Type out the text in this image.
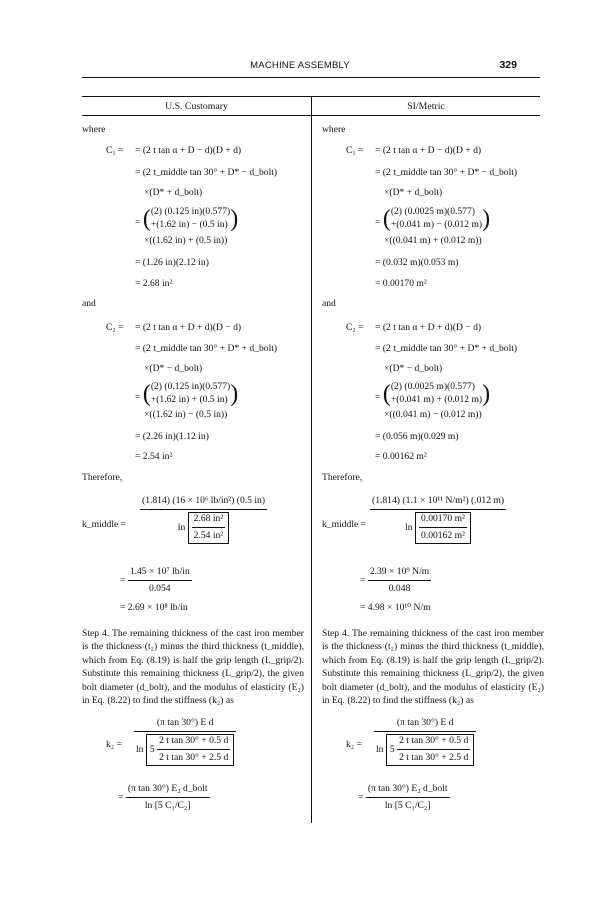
MACHINE ASSEMBLY	329
U.S. Customary	SI/Metric
where
C₁ = = (2 t tan α + D − d)(D + d)
= (2 t_middle tan 30° + D* − d_bolt)
×(D* + d_bolt)
= ( (2) (0.125 in)(0.577)
+(1.62 in) − (0.5 in) )
×((1.62 in) + (0.5 in))
= (1.26 in)(2.12 in)
= 2.68 in²
and
C₂ = = (2 t tan α + D + d)(D − d)
= (2 t_middle tan 30° + D* + d_bolt)
×(D* − d_bolt)
= ( (2) (0.125 in)(0.577)
+(1.62 in) + (0.5 in) )
×((1.62 in) − (0.5 in))
= (2.26 in)(1.12 in)
= 2.54 in²
Therefore,
k_middle = $\frac{\text{(1.814) (16 × 10⁶ lb/in²) (0.5 in)}}{\ln \frac{\text{2.68 in²}}{\text{2.54 in²}}}$
= $\frac{\text{1.45 × 10⁷ lb/in}}{0.054}$
= 2.69 × 10⁸ lb/in
Step 4. The remaining thickness of the cast iron member is the thickness (t₂) minus the third thickness (t_middle), which from Eq. (8.19) is half the grip length (L_grip/2). Substitute this remaining thickness (L_grip/2), the given bolt diameter (d_bolt), and the modulus of elasticity (E₂) in Eq. (8.22) to find the stiffness (k₂) as
$k_2 = \frac{\text{(π tan 30°) E d}}{\ln 5 \frac{\text{2 t tan 30° + 0.5 d}}{\text{2 t tan 30° + 2.5 d}}}$
= $\frac{\text{(π tan 30°) E₂ d\_bolt}}{\text{ln [5 C₁/C₂]}}$
where
C₁ = = (2 t tan α + D − d)(D + d)
= (2 t_middle tan 30° + D* − d_bolt)
×(D* + d_bolt)
= ( (2) (0.0025 m)(0.577)
+(0.041 m) − (0.012 m) )
×((0.041 m) + (0.012 m))
= (0.032 m)(0.053 m)
= 0.00170 m²
and
C₂ = = (2 t tan α + D + d)(D − d)
= (2 t_middle tan 30° + D* + d_bolt)
×(D* − d_bolt)
= ( (2) (0.0025 m)(0.577)
+(0.041 m) + (0.012 m) )
×((0.041 m) − (0.012 m))
= (0.056 m)(0.029 m)
= 0.00162 m²
Therefore,
k_middle = $\frac{\text{(1.814) (1.1 × 10¹¹ N/m²) (.012 m)}}{\ln \frac{\text{0.00170 m²}}{\text{0.00162 m²}}}$
= $\frac{\text{2.39 × 10⁹ N/m}}{0.048}$
= 4.98 × 10¹⁰ N/m
Step 4. The remaining thickness of the cast iron member is the thickness (t₂) minus the third thickness (t_middle), which from Eq. (8.19) is half the grip length (L_grip/2). Substitute this remaining thickness (L_grip/2), the given bolt diameter (d_bolt), and the modulus of elasticity (E₂) in Eq. (8.22) to find the stiffness (k₂) as
$k_2 = \frac{\text{(π tan 30°) E d}}{\ln 5 \frac{\text{2 t tan 30° + 0.5 d}}{\text{2 t tan 30° + 2.5 d}}}$
= $\frac{\text{(π tan 30°) E₂ d\_bolt}}{\text{ln [5 C₁/C₂]}}$
